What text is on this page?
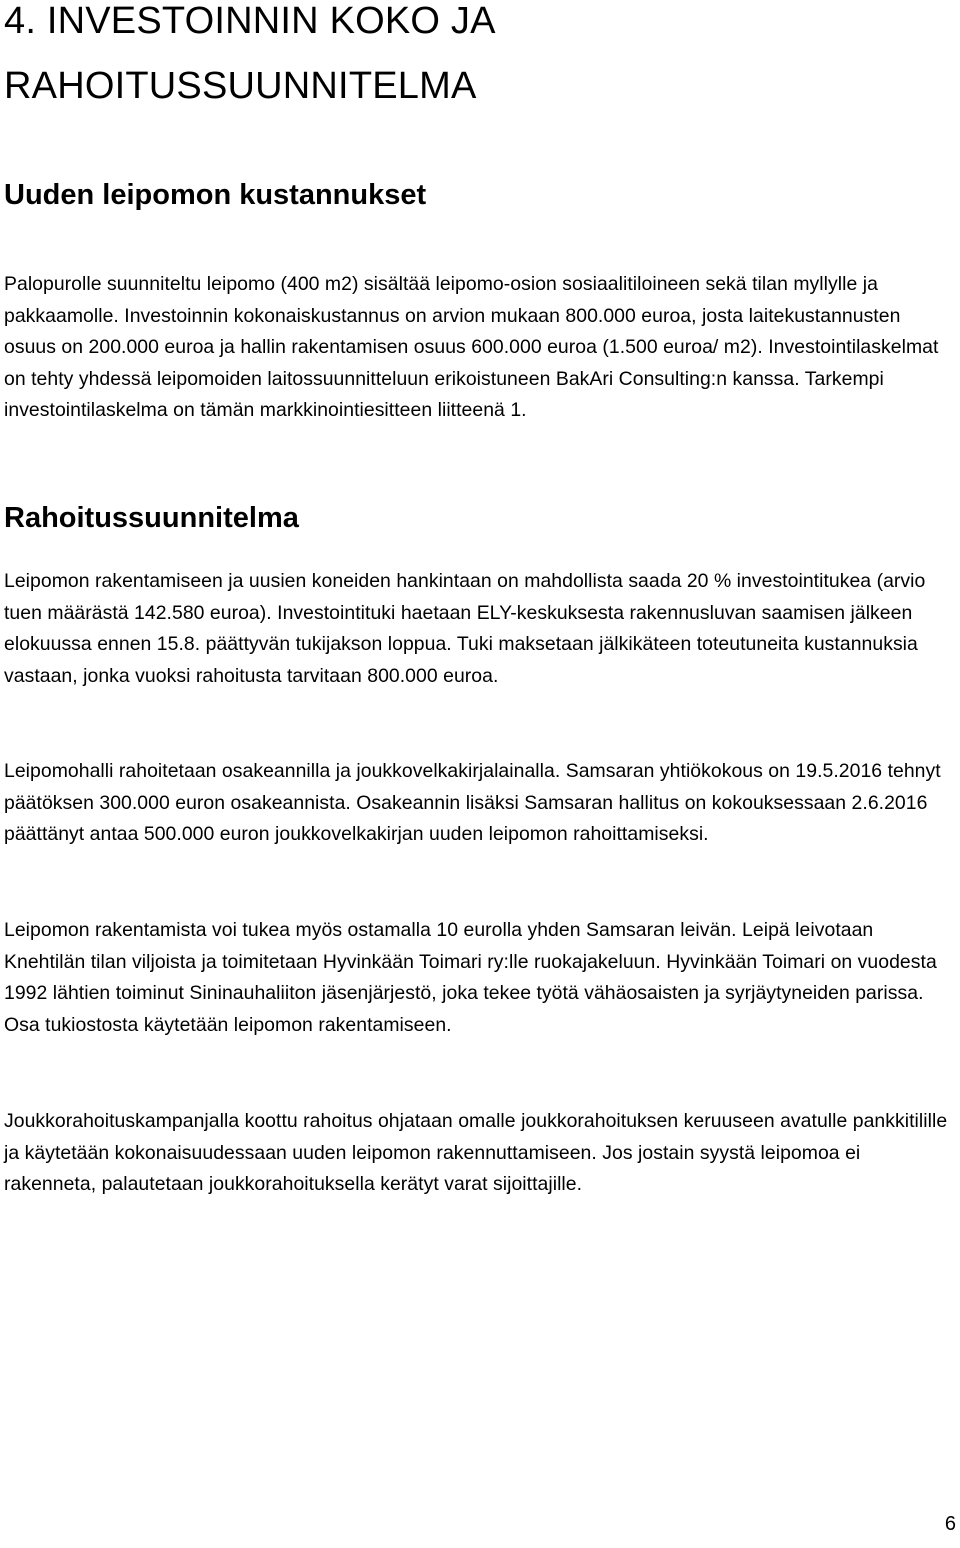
4. INVESTOINNIN KOKO JA
RAHOITUSSUUNNITELMA
Uuden leipomon kustannukset

Palopurolle suunniteltu leipomo (400 m2) sisältää leipomo-osion sosiaalitiloineen sekä tilan myllylle ja pakkaamolle. Investoinnin kokonaiskustannus on arvion mukaan 800.000 euroa, josta laitekustannusten osuus on 200.000 euroa ja hallin rakentamisen osuus 600.000 euroa (1.500 euroa/ m2). Investointilaskelmat on tehty yhdessä leipomoiden laitossuunnitteluun erikoistuneen BakAri Consulting:n kanssa. Tarkempi investointilaskelma on tämän markkinointiesitteen liitteenä 1.

Rahoitussuunnitelma

Leipomon rakentamiseen ja uusien koneiden hankintaan on mahdollista saada 20 % investointitukea (arvio tuen määrästä 142.580 euroa). Investointituki haetaan ELY-keskuksesta rakennusluvan saamisen jälkeen elokuussa ennen 15.8. päättyvän tukijakson loppua. Tuki maksetaan jälkikäteen toteutuneita kustannuksia vastaan, jonka vuoksi rahoitusta tarvitaan 800.000 euroa.

Leipomohalli rahoitetaan osakeannilla ja joukkovelkakirjalainalla. Samsaran yhtiökokous on 19.5.2016 tehnyt päätöksen 300.000 euron osakeannista. Osakeannin lisäksi Samsaran hallitus on kokouksessaan 2.6.2016 päättänyt antaa 500.000 euron joukkovelkakirjan uuden leipomon rahoittamiseksi.

Leipomon rakentamista voi tukea myös ostamalla 10 eurolla yhden Samsaran leivän. Leipä leivotaan Knehtilän tilan viljoista ja toimitetaan Hyvinkään Toimari ry:lle ruokajakeluun. Hyvinkään Toimari on vuodesta 1992 lähtien toiminut Sininauhaliiton jäsenjärjestö, joka tekee työtä vähäosaisten ja syrjäytyneiden parissa. Osa tukiostosta käytetään leipomon rakentamiseen.

Joukkorahoituskampanjalla koottu rahoitus ohjataan omalle joukkorahoituksen keruuseen avatulle pankkitilille ja käytetään kokonaisuudessaan uuden leipomon rakennuttamiseen. Jos jostain syystä leipomoa ei rakenneta, palautetaan joukkorahoituksella kerätyt varat sijoittajille.

6
